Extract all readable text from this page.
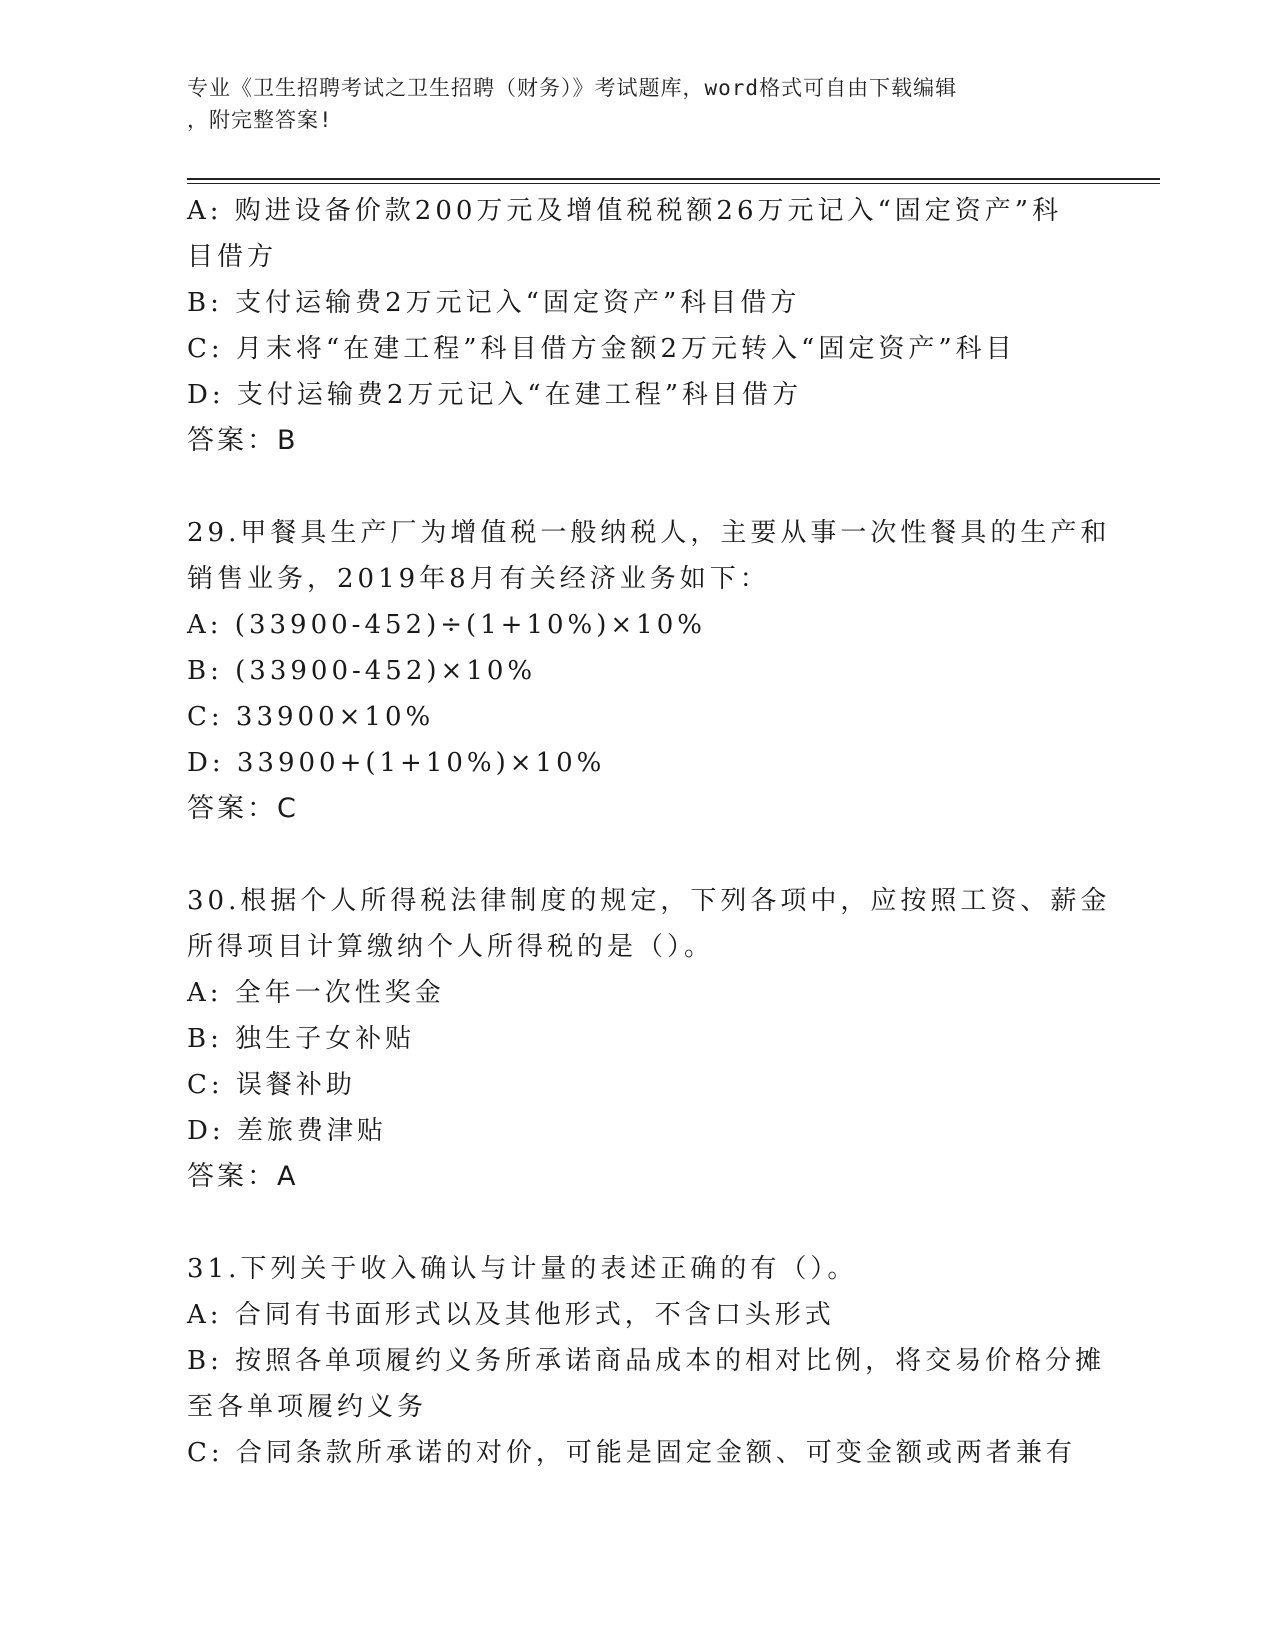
专业《卫生招聘考试之卫生招聘（财务）》考试题库，word格式可自由下载编辑
，附完整答案!
A: 购进设备价款200万元及增值税税额26万元记入“固定资产”科
目借方
B: 支付运输费2万元记入“固定资产”科目借方
C: 月末将“在建工程”科目借方金额2万元转入“固定资产”科目
D: 支付运输费2万元记入“在建工程”科目借方
答案：B
29.甲餐具生产厂为增值税一般纳税人，主要从事一次性餐具的生产和
销售业务，2019年8月有关经济业务如下：
A: (33900-452)÷(1+10%)×10%
B: (33900-452)×10%
C: 33900×10%
D: 33900+(1+10%)×10%
答案：C
30.根据个人所得税法律制度的规定，下列各项中，应按照工资、薪金
所得项目计算缴纳个人所得税的是（）。
A: 全年一次性奖金
B: 独生子女补贴
C: 误餐补助
D: 差旅费津贴
答案：A
31.下列关于收入确认与计量的表述正确的有（）。
A: 合同有书面形式以及其他形式，不含口头形式
B: 按照各单项履约义务所承诺商品成本的相对比例，将交易价格分摊
至各单项履约义务
C: 合同条款所承诺的对价，可能是固定金额、可变金额或两者兼有
